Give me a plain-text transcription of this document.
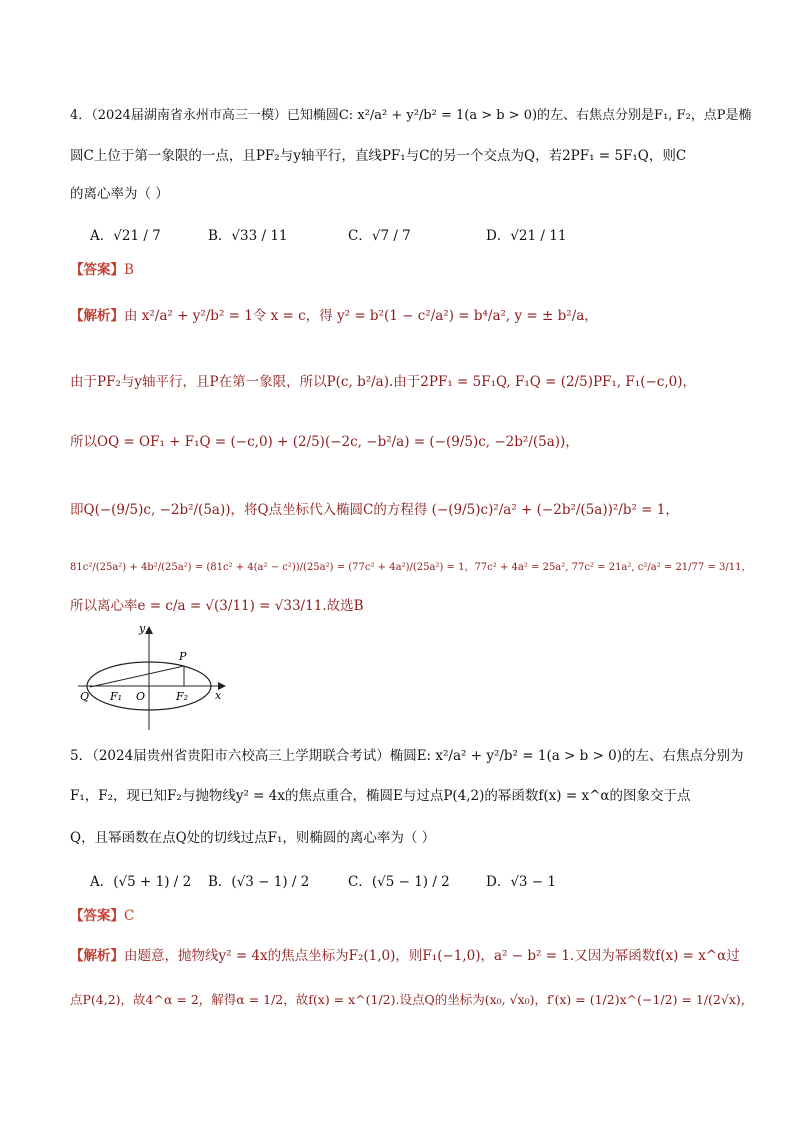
4．（2024届湖南省永州市高三一模）已知椭圆C: x²/a² + y²/b² = 1(a > b > 0)的左、右焦点分别是F₁, F₂，点P是椭
圆C上位于第一象限的一点，且PF₂与y轴平行，直线PF₁与C的另一个交点为Q，若2PF₁ = 5F₁Q，则C
的离心率为（ ）
A．√21 / 7	B．√33 / 11	C．√7 / 7	D．√21 / 11
【答案】B
【解析】由 x²/a² + y²/b² = 1令 x = c，得 y² = b²(1 − c²/a²) = b⁴/a², y = ± b²/a，
由于PF₂与y轴平行，且P在第一象限，所以P(c, b²/a).由于2PF₁ = 5F₁Q, F₁Q = (2/5)PF₁, F₁(−c,0)，
所以OQ = OF₁ + F₁Q = (−c,0) + (2/5)(−2c, −b²/a) = (−(9/5)c, −2b²/(5a))，
即Q(−(9/5)c, −2b²/(5a))，将Q点坐标代入椭圆C的方程得 (−(9/5)c)²/a² + (−2b²/(5a))²/b² = 1，
81c²/(25a²) + 4b²/(25a²) = (81c² + 4(a² − c²))/(25a²) = (77c² + 4a²)/(25a²) = 1，77c² + 4a² = 25a², 77c² = 21a², c²/a² = 21/77 = 3/11，
所以离心率e = c/a = √(3/11) = √33/11.故选B
y
x
P
Q F₁ O	F₂
5．（2024届贵州省贵阳市六校高三上学期联合考试）椭圆E: x²/a² + y²/b² = 1(a > b > 0)的左、右焦点分别为
F₁，F₂，现已知F₂与抛物线y² = 4x的焦点重合，椭圆E与过点P(4,2)的幂函数f(x) = x^α的图象交于点
Q，且幂函数在点Q处的切线过点F₁，则椭圆的离心率为（ ）
A．(√5 + 1) / 2 B．(√3 − 1) / 2	C．(√5 − 1) / 2	D．√3 − 1
【答案】C
【解析】由题意，抛物线y² = 4x的焦点坐标为F₂(1,0)，则F₁(−1,0)，a² − b² = 1.又因为幂函数f(x) = x^α过
点P(4,2)，故4^α = 2，解得α = 1/2，故f(x) = x^(1/2).设点Q的坐标为(x₀, √x₀)，f′(x) = (1/2)x^(−1/2) = 1/(2√x)，
